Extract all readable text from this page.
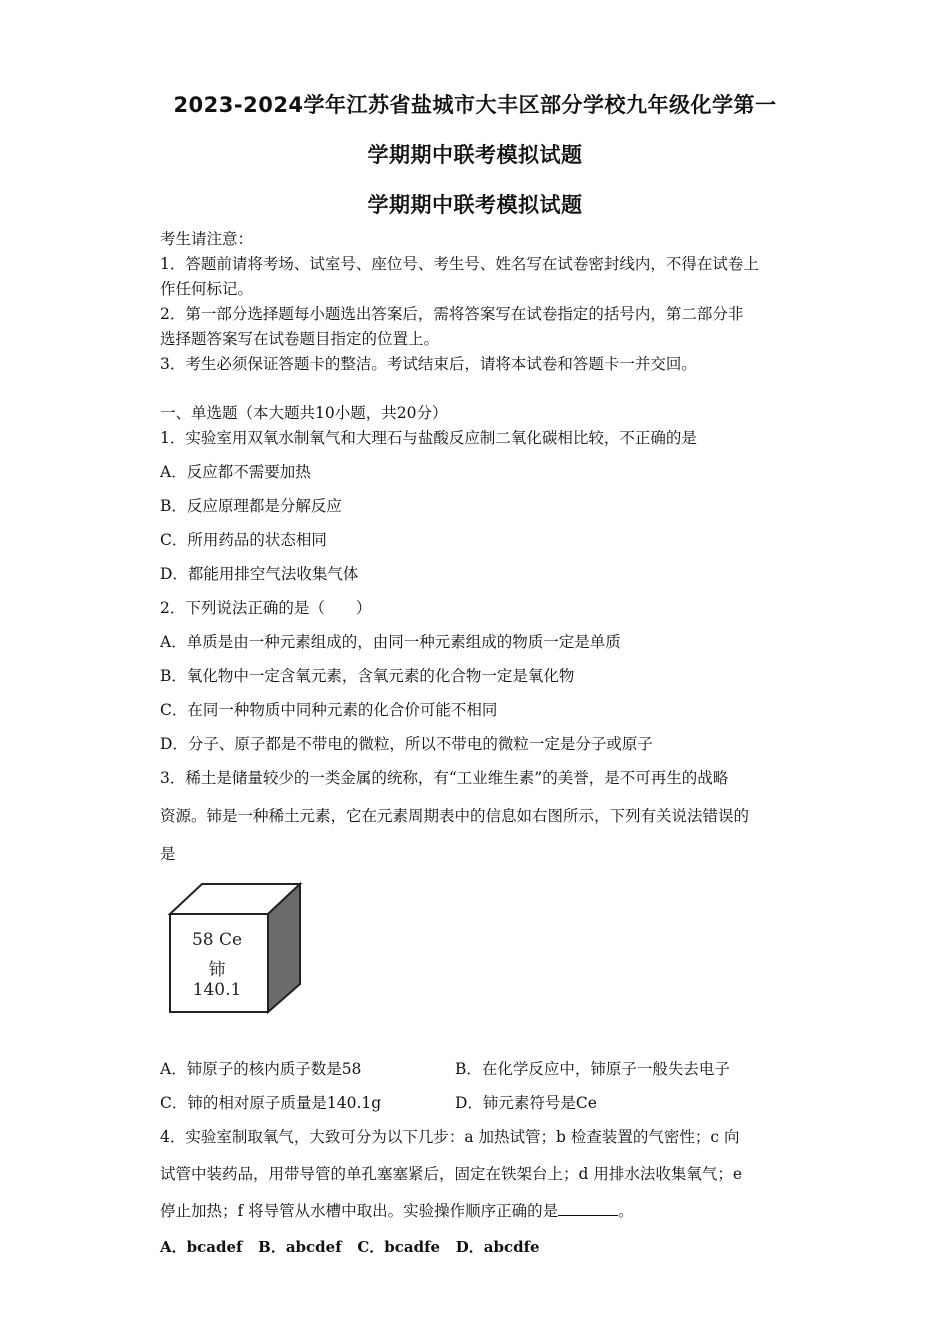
2023-2024学年江苏省盐城市大丰区部分学校九年级化学第一
学期期中联考模拟试题
学期期中联考模拟试题
考生请注意：
1．答题前请将考场、试室号、座位号、考生号、姓名写在试卷密封线内，不得在试卷上
作任何标记。
2．第一部分选择题每小题选出答案后，需将答案写在试卷指定的括号内，第二部分非
选择题答案写在试卷题目指定的位置上。
3．考生必须保证答题卡的整洁。考试结束后，请将本试卷和答题卡一并交回。
一、单选题（本大题共10小题，共20分）
1．实验室用双氧水制氧气和大理石与盐酸反应制二氧化碳相比较，不正确的是
A．反应都不需要加热
B．反应原理都是分解反应
C．所用药品的状态相同
D．都能用排空气法收集气体
2．下列说法正确的是（　　）
A．单质是由一种元素组成的，由同一种元素组成的物质一定是单质
B．氧化物中一定含氧元素，含氧元素的化合物一定是氧化物
C．在同一种物质中同种元素的化合价可能不相同
D．分子、原子都是不带电的微粒，所以不带电的微粒一定是分子或原子
3．稀土是储量较少的一类金属的统称，有“工业维生素”的美誉，是不可再生的战略
资源。铈是一种稀土元素，它在元素周期表中的信息如右图所示，下列有关说法错误的
是
58 Ce
铈
140.1
A．铈原子的核内质子数是58	B．在化学反应中，铈原子一般失去电子
C．铈的相对原子质量是140.1g	D．铈元素符号是Ce
4．实验室制取氧气，大致可分为以下几步：a 加热试管；b 检查装置的气密性；c 向
试管中装药品，用带导管的单孔塞塞紧后，固定在铁架台上；d 用排水法收集氧气；e
停止加热；f 将导管从水槽中取出。实验操作顺序正确的是	。
A．bcadef B．abcdef C．bcadfe D．abcdfe
